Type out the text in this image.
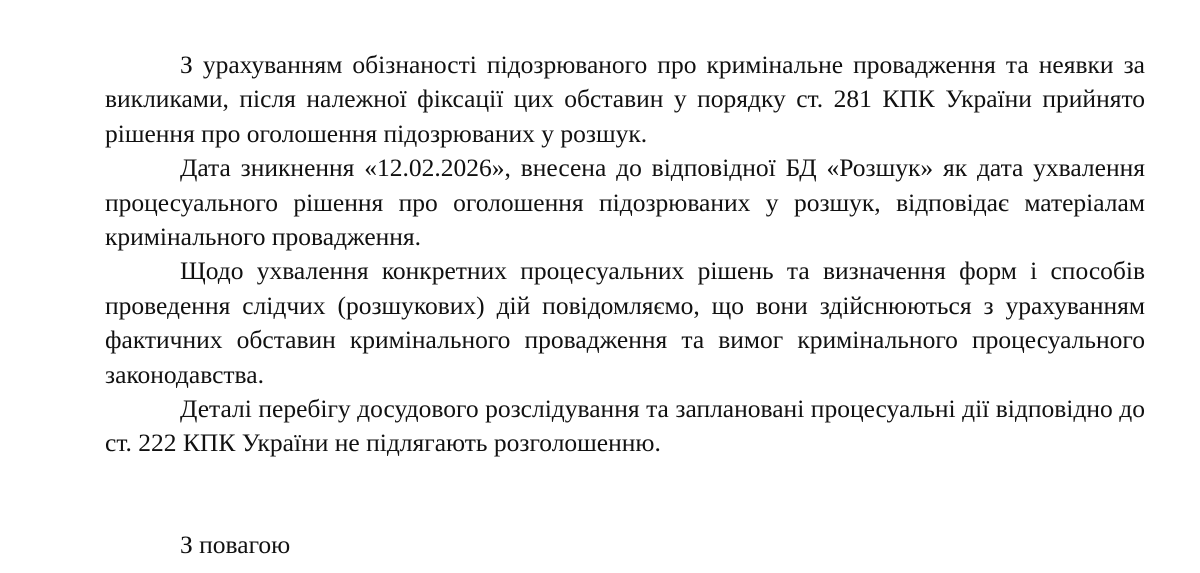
З урахуванням обізнаності підозрюваного про кримінальне провадження та неявки за викликами, після належної фіксації цих обставин у порядку ст. 281 КПК України прийнято рішення про оголошення підозрюваних у розшук.

Дата зникнення «12.02.2026», внесена до відповідної БД «Розшук» як дата ухвалення процесуального рішення про оголошення підозрюваних у розшук, відповідає матеріалам кримінального провадження.

Щодо ухвалення конкретних процесуальних рішень та визначення форм і способів проведення слідчих (розшукових) дій повідомляємо, що вони здійснюються з урахуванням фактичних обставин кримінального провадження та вимог кримінального процесуального законодавства.

Деталі перебігу досудового розслідування та заплановані процесуальні дії відповідно до ст. 222 КПК України не підлягають розголошенню.

З повагою
